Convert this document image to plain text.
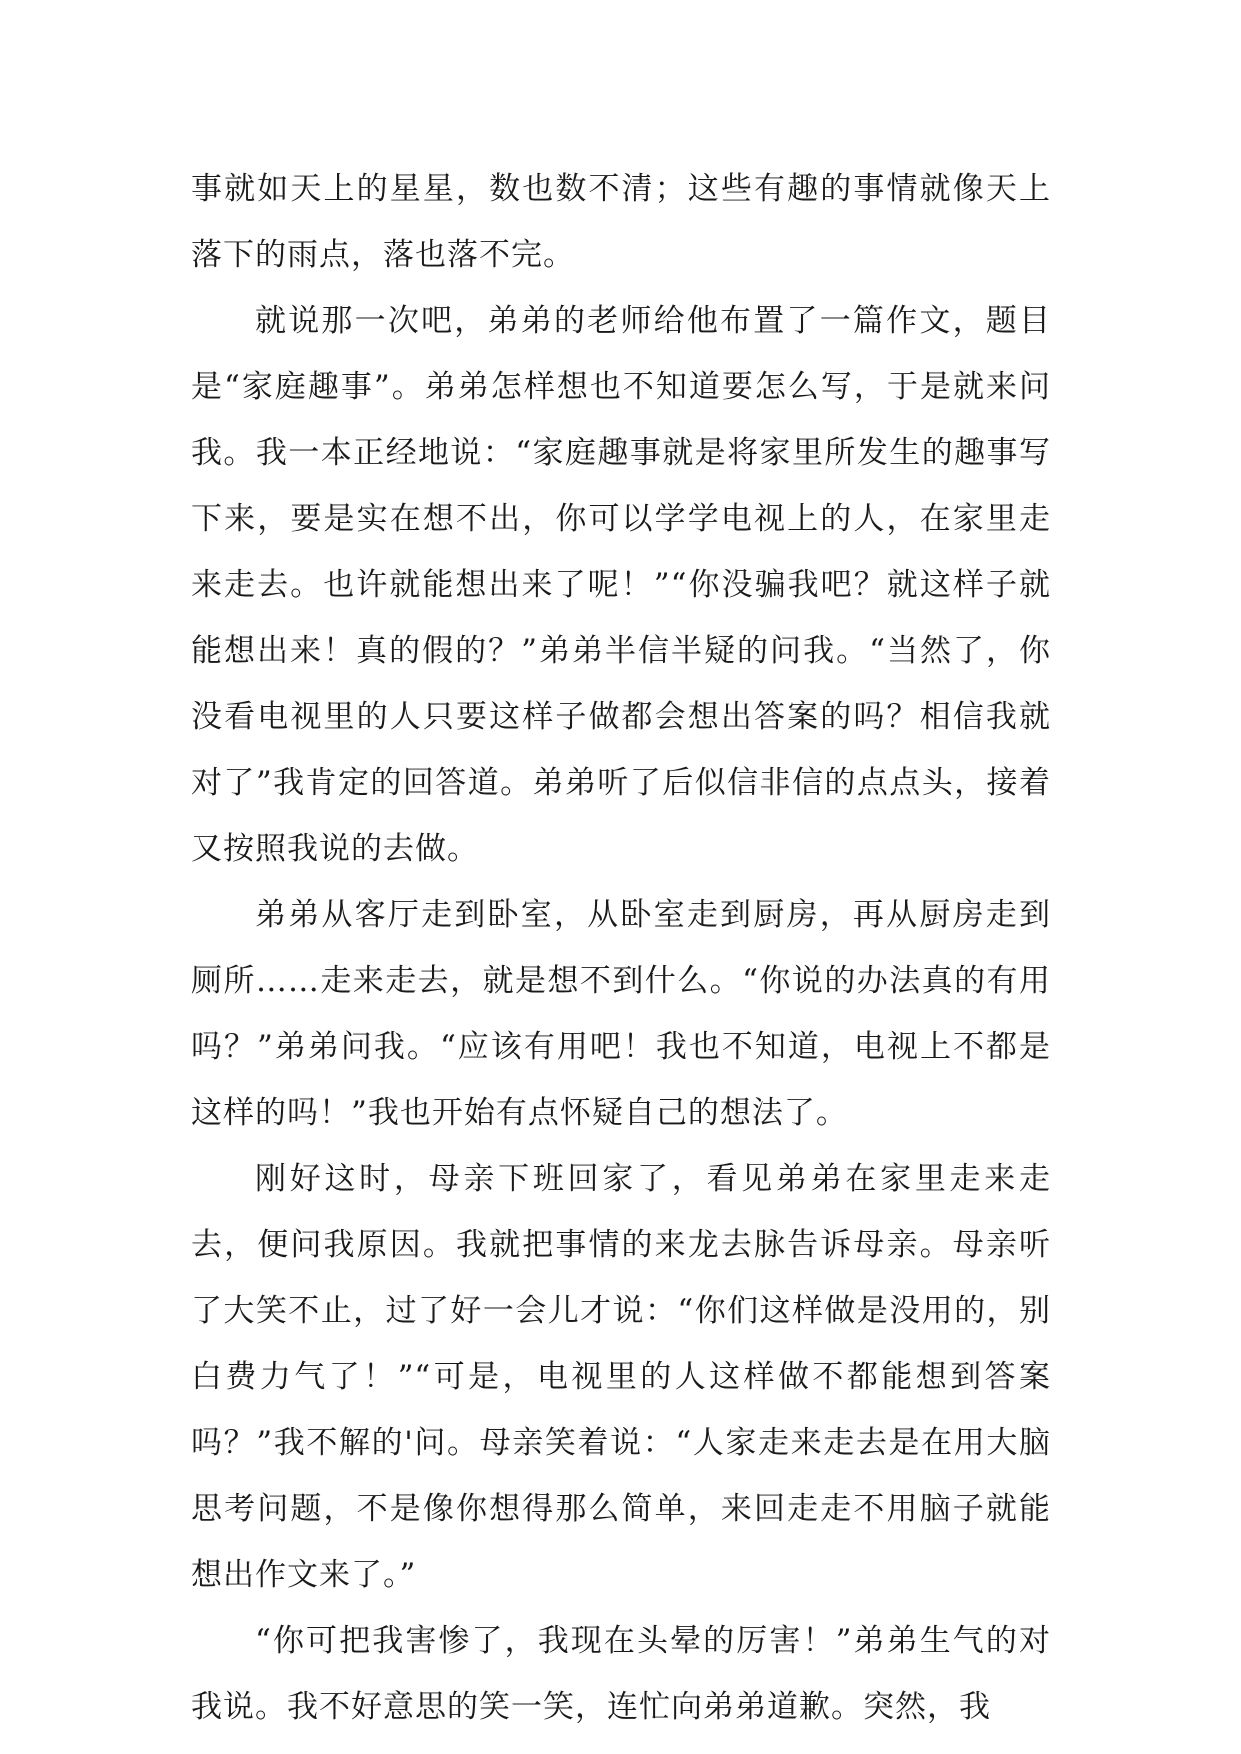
事就如天上的星星，数也数不清；这些有趣的事情就像天上落下的雨点，落也落不完。

就说那一次吧，弟弟的老师给他布置了一篇作文，题目是“家庭趣事”。弟弟怎样想也不知道要怎么写，于是就来问我。我一本正经地说：“家庭趣事就是将家里所发生的趣事写下来，要是实在想不出，你可以学学电视上的人，在家里走来走去。也许就能想出来了呢！”“你没骗我吧？就这样子就能想出来！真的假的？”弟弟半信半疑的问我。“当然了，你没看电视里的人只要这样子做都会想出答案的吗？相信我就对了”我肯定的回答道。弟弟听了后似信非信的点点头，接着又按照我说的去做。

弟弟从客厅走到卧室，从卧室走到厨房，再从厨房走到厕所……走来走去，就是想不到什么。“你说的办法真的有用吗？”弟弟问我。“应该有用吧！我也不知道，电视上不都是这样的吗！”我也开始有点怀疑自己的想法了。

刚好这时，母亲下班回家了，看见弟弟在家里走来走去，便问我原因。我就把事情的来龙去脉告诉母亲。母亲听了大笑不止，过了好一会儿才说：“你们这样做是没用的，别白费力气了！”“可是，电视里的人这样做不都能想到答案吗？”我不解的'问。母亲笑着说：“人家走来走去是在用大脑思考问题，不是像你想得那么简单，来回走走不用脑子就能想出作文来了。”

“你可把我害惨了，我现在头晕的厉害！”弟弟生气的对我说。我不好意思的笑一笑，连忙向弟弟道歉。突然，我
